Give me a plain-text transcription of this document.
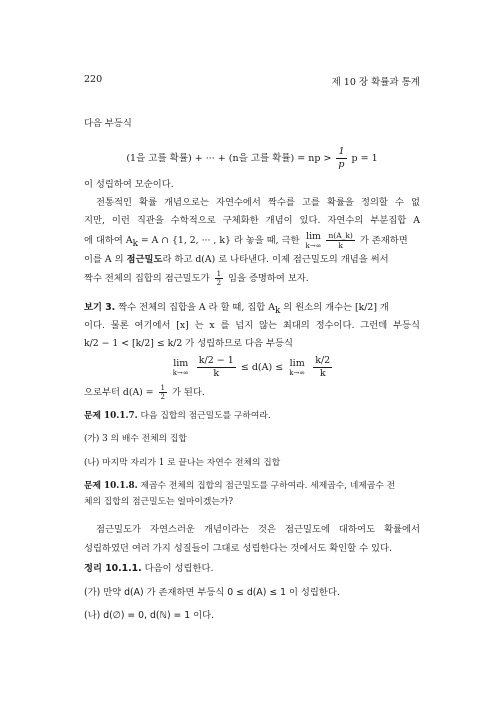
220	제 10 장 확률과 통계
다음 부등식
(1을 고를 확률) + ··· + (n을 고를 확률) = np > $\frac{1}{p}$ p = 1
이 성립하여 모순이다.
전통적인 확률 개념으로는 자연수에서 짝수를 고를 확률을 정의할 수 없
지만, 이런 직관을 수학적으로 구체화한 개념이 있다. 자연수의 부분집합 A
에 대하여 $A_k = A$ ∩ {1, 2, ··· , k} 라 놓을 때, 극한 lim
$k\to\infty \frac{n(A\_k)}{k}$ 가 존재하면
이를 A 의 점근밀도라 하고 d(A) 로 나타낸다. 이제 점근밀도의 개념을 써서
짝수 전체의 집합의 점근밀도가 $\frac{1}{2}$ 임을 증명하여 보자.
보기 3. 짝수 전체의 집합을 A 라 할 때, 집합 $A_k$ 의 원소의 개수는 [k/2] 개
이다. 물론 여기에서 [x] 는 x 를 넘지 않는 최대의 정수이다. 그런데 부등식
k/2 − 1 < [k/2] ≤ k/2 가 성립하므로 다음 부등식
lim
k→∞
$\frac{k/2 - 1}{k} \le d(A) \le \lim$
k→∞
$\frac{k/2}{k}$
으로부터 $d(A) = \frac{1}{2}$ 가 된다.
문제 10.1.7. 다음 집합의 점근밀도를 구하여라.
(가) 3 의 배수 전체의 집합
(나) 마지막 자리가 1 로 끝나는 자연수 전체의 집합
문제 10.1.8. 제곱수 전체의 집합의 점근밀도를 구하여라. 세제곱수, 네제곱수 전
체의 집합의 점근밀도는 얼마이겠는가?
점근밀도가 자연스러운 개념이라는 것은 점근밀도에 대하여도 확률에서
성립하였던 여러 가지 성질들이 그대로 성립한다는 것에서도 확인할 수 있다.
정리 10.1.1. 다음이 성립한다.
(가) 만약 d(A) 가 존재하면 부등식 0 ≤ d(A) ≤ 1 이 성립한다.
(나) d(∅) = 0, d(ℕ) = 1 이다.
